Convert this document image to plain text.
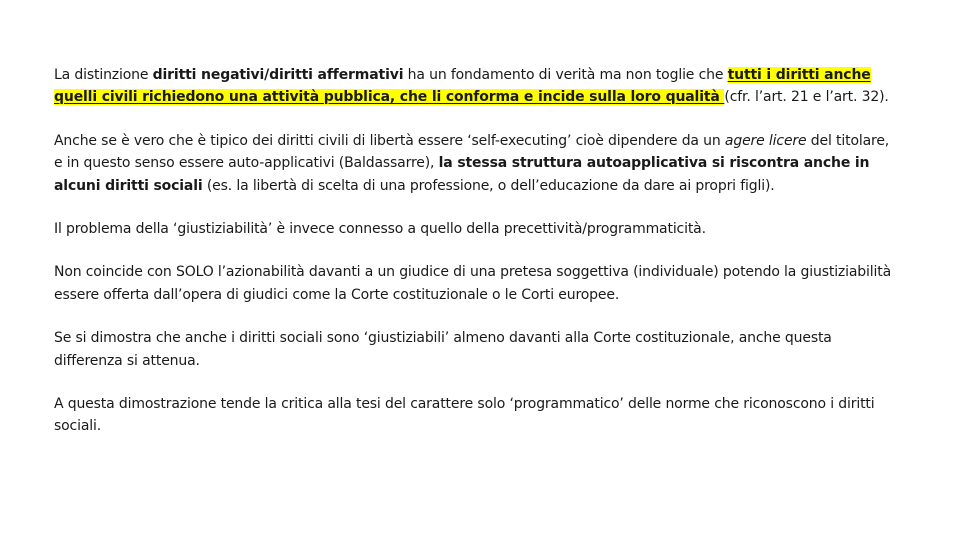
La distinzione diritti negativi/diritti affermativi ha un fondamento di verità ma non toglie che tutti i diritti anche quelli civili richiedono una attività pubblica, che li conforma e incide sulla loro qualità (cfr. l’art. 21 e l’art. 32).

Anche se è vero che è tipico dei diritti civili di libertà essere ‘self-executing’ cioè dipendere da un agere licere del titolare, e in questo senso essere auto-applicativi (Baldassarre), la stessa struttura autoapplicativa si riscontra anche in alcuni diritti sociali (es. la libertà di scelta di una professione, o dell’educazione da dare ai propri figli).

Il problema della ‘giustiziabilità’ è invece connesso a quello della precettività/programmaticità.

Non coincide con SOLO l’azionabilità davanti a un giudice di una pretesa soggettiva (individuale) potendo la giustiziabilità essere offerta dall’opera di giudici come la Corte costituzionale o le Corti europee.

Se si dimostra che anche i diritti sociali sono ‘giustiziabili’ almeno davanti alla Corte costituzionale, anche questa differenza si attenua.

A questa dimostrazione tende la critica alla tesi del carattere solo ‘programmatico’ delle norme che riconoscono i diritti sociali.
